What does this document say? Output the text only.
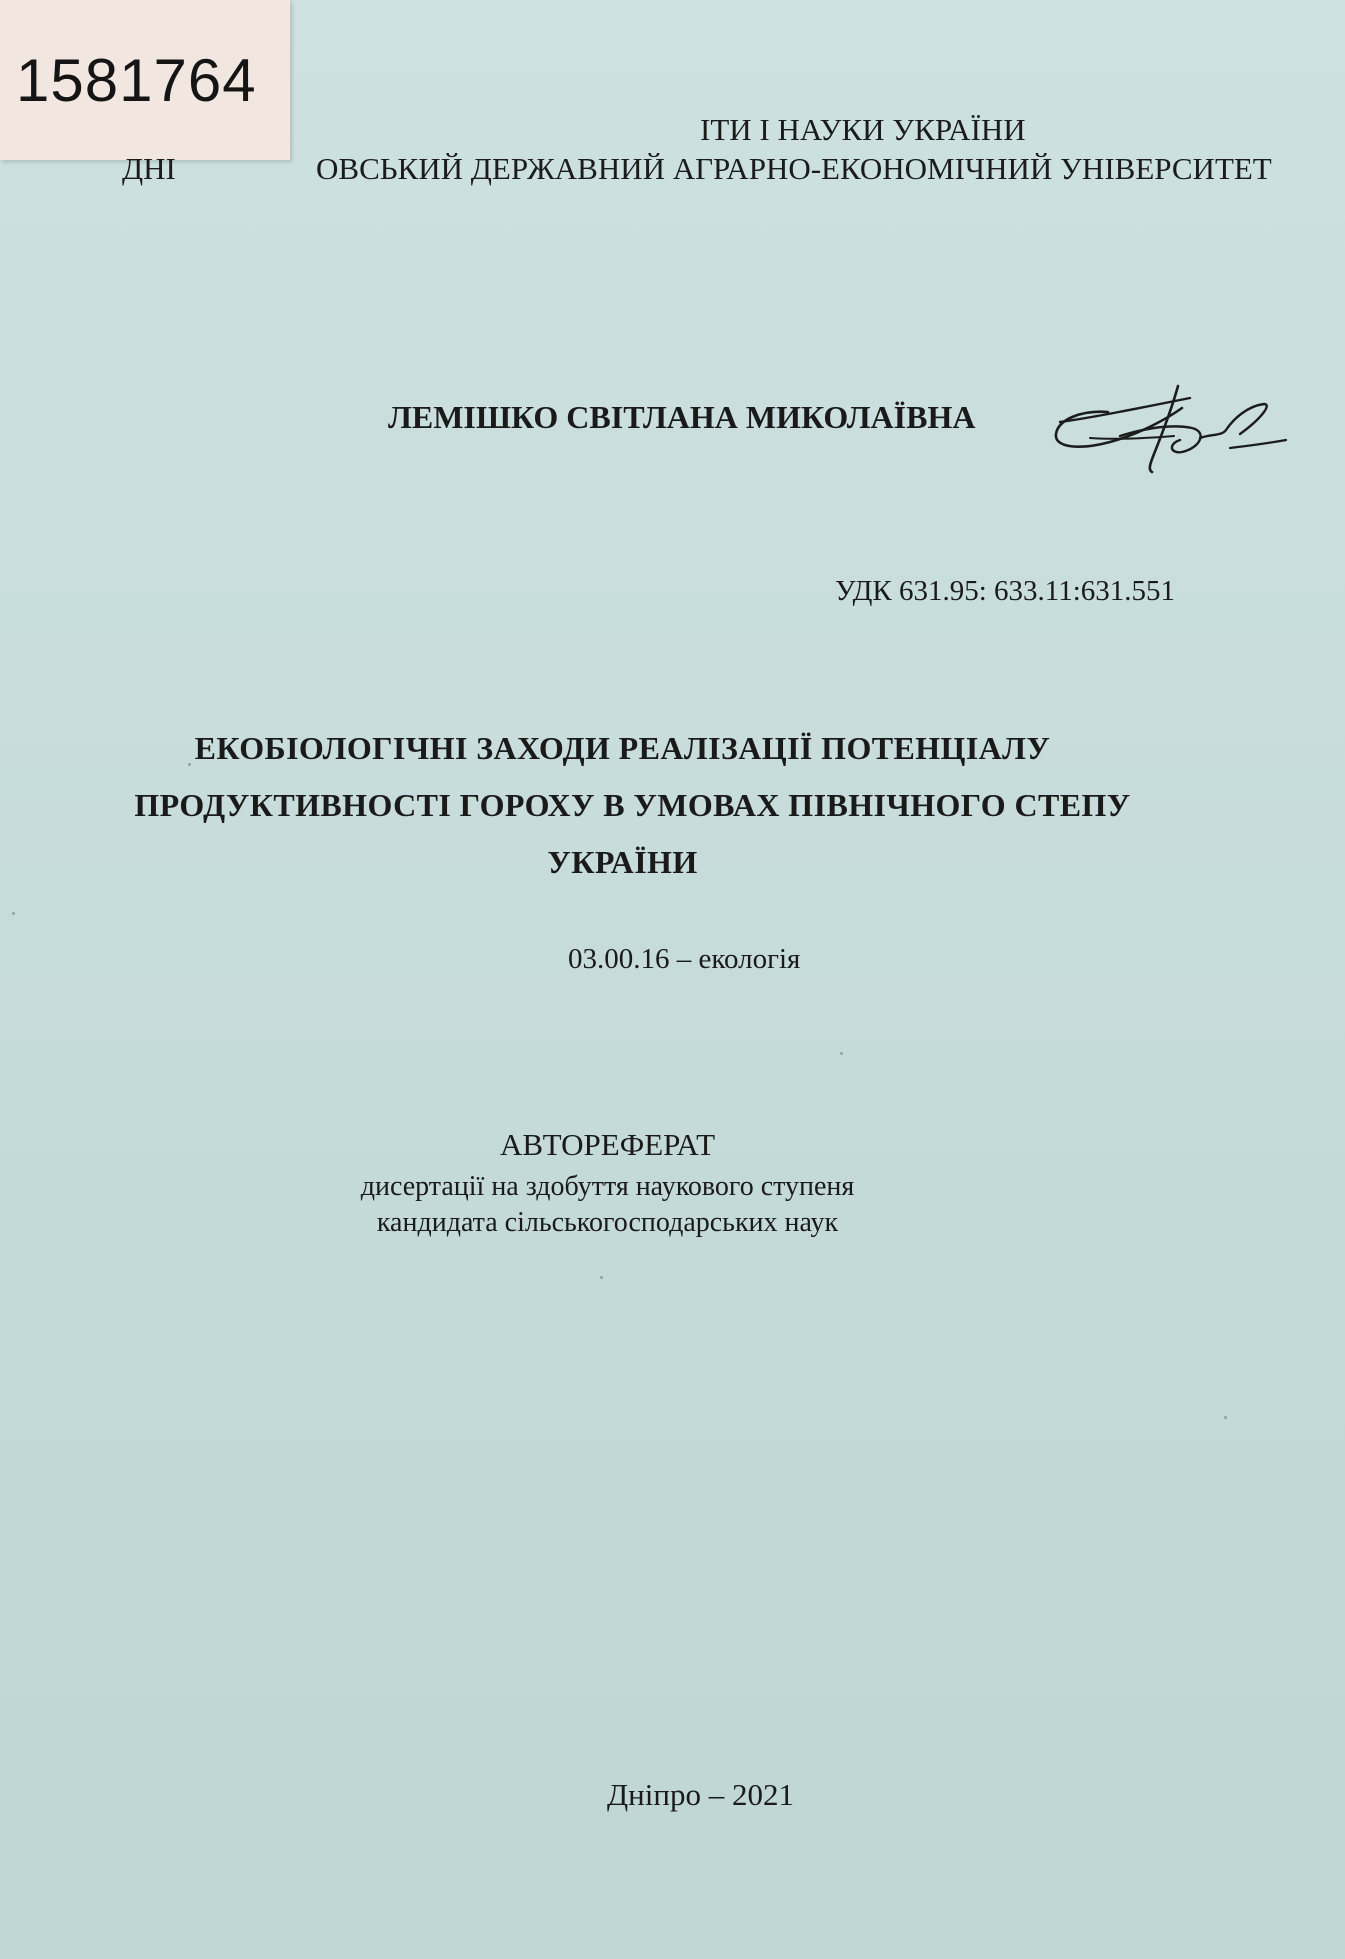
1581764
ІТИ І НАУКИ УКРАЇНИ
ДНІ	ОВСЬКИЙ ДЕРЖАВНИЙ АГРАРНО-ЕКОНОМІЧНИЙ УНІВЕРСИТЕТ
ЛЕМІШКО СВІТЛАНА МИКОЛАЇВНА
УДК 631.95: 633.11:631.551
ЕКОБІОЛОГІЧНІ ЗАХОДИ РЕАЛІЗАЦІЇ ПОТЕНЦІАЛУ
ПРОДУКТИВНОСТІ ГОРОХУ В УМОВАХ ПІВНІЧНОГО СТЕПУ
УКРАЇНИ
03.00.16 – екологія
АВТОРЕФЕРАТ
дисертації на здобуття наукового ступеня
кандидата сільськогосподарських наук
Дніпро – 2021
